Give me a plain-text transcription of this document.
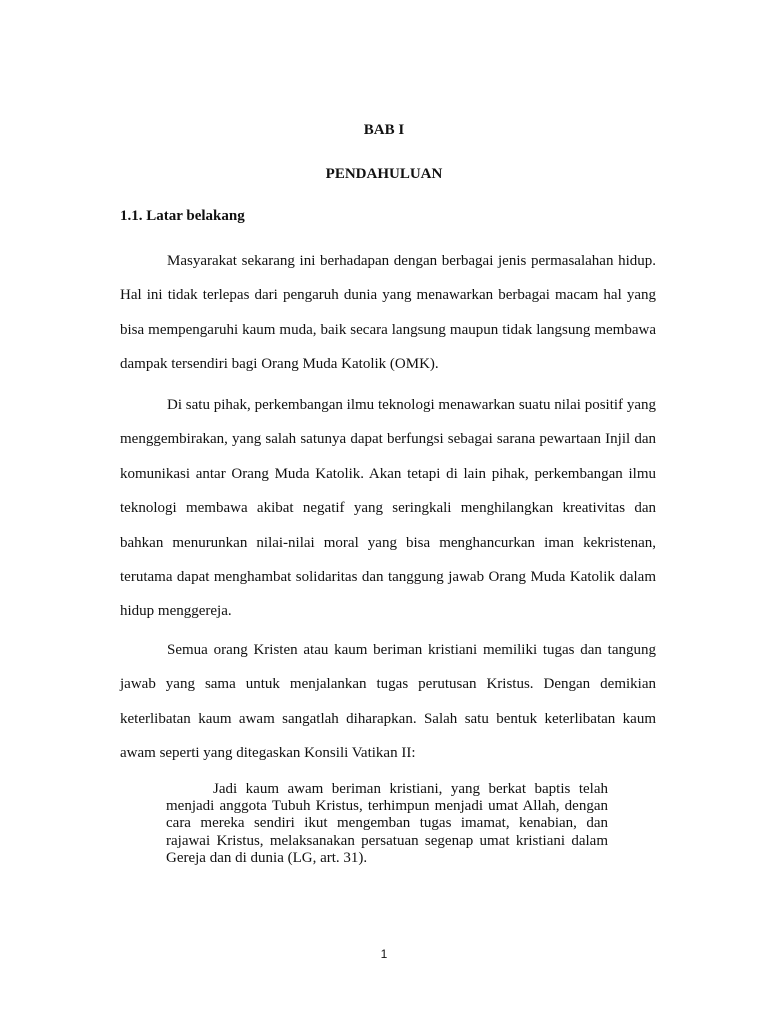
BAB I

PENDAHULUAN

1.1. Latar belakang

Masyarakat sekarang ini berhadapan dengan berbagai jenis permasalahan hidup. Hal ini tidak terlepas dari pengaruh dunia yang menawarkan berbagai macam hal yang bisa mempengaruhi kaum muda, baik secara langsung maupun tidak langsung membawa dampak tersendiri bagi Orang Muda Katolik (OMK).

Di satu pihak, perkembangan ilmu teknologi menawarkan suatu nilai positif yang menggembirakan, yang salah satunya dapat berfungsi sebagai sarana pewartaan Injil dan komunikasi antar Orang Muda Katolik. Akan tetapi di lain pihak, perkembangan ilmu teknologi membawa akibat negatif yang seringkali menghilangkan kreativitas dan bahkan menurunkan nilai-nilai moral yang bisa menghancurkan iman kekristenan, terutama dapat menghambat solidaritas dan tanggung jawab Orang Muda Katolik dalam hidup menggereja.

Semua orang Kristen atau kaum beriman kristiani memiliki tugas dan tangung jawab yang sama untuk menjalankan tugas perutusan Kristus. Dengan demikian keterlibatan kaum awam sangatlah diharapkan. Salah satu bentuk keterlibatan kaum awam seperti yang ditegaskan Konsili Vatikan II:

Jadi kaum awam beriman kristiani, yang berkat baptis telah menjadi anggota Tubuh Kristus, terhimpun menjadi umat Allah, dengan cara mereka sendiri ikut mengemban tugas imamat, kenabian, dan rajawai Kristus, melaksanakan persatuan segenap umat kristiani dalam Gereja dan di dunia (LG, art. 31).

1
